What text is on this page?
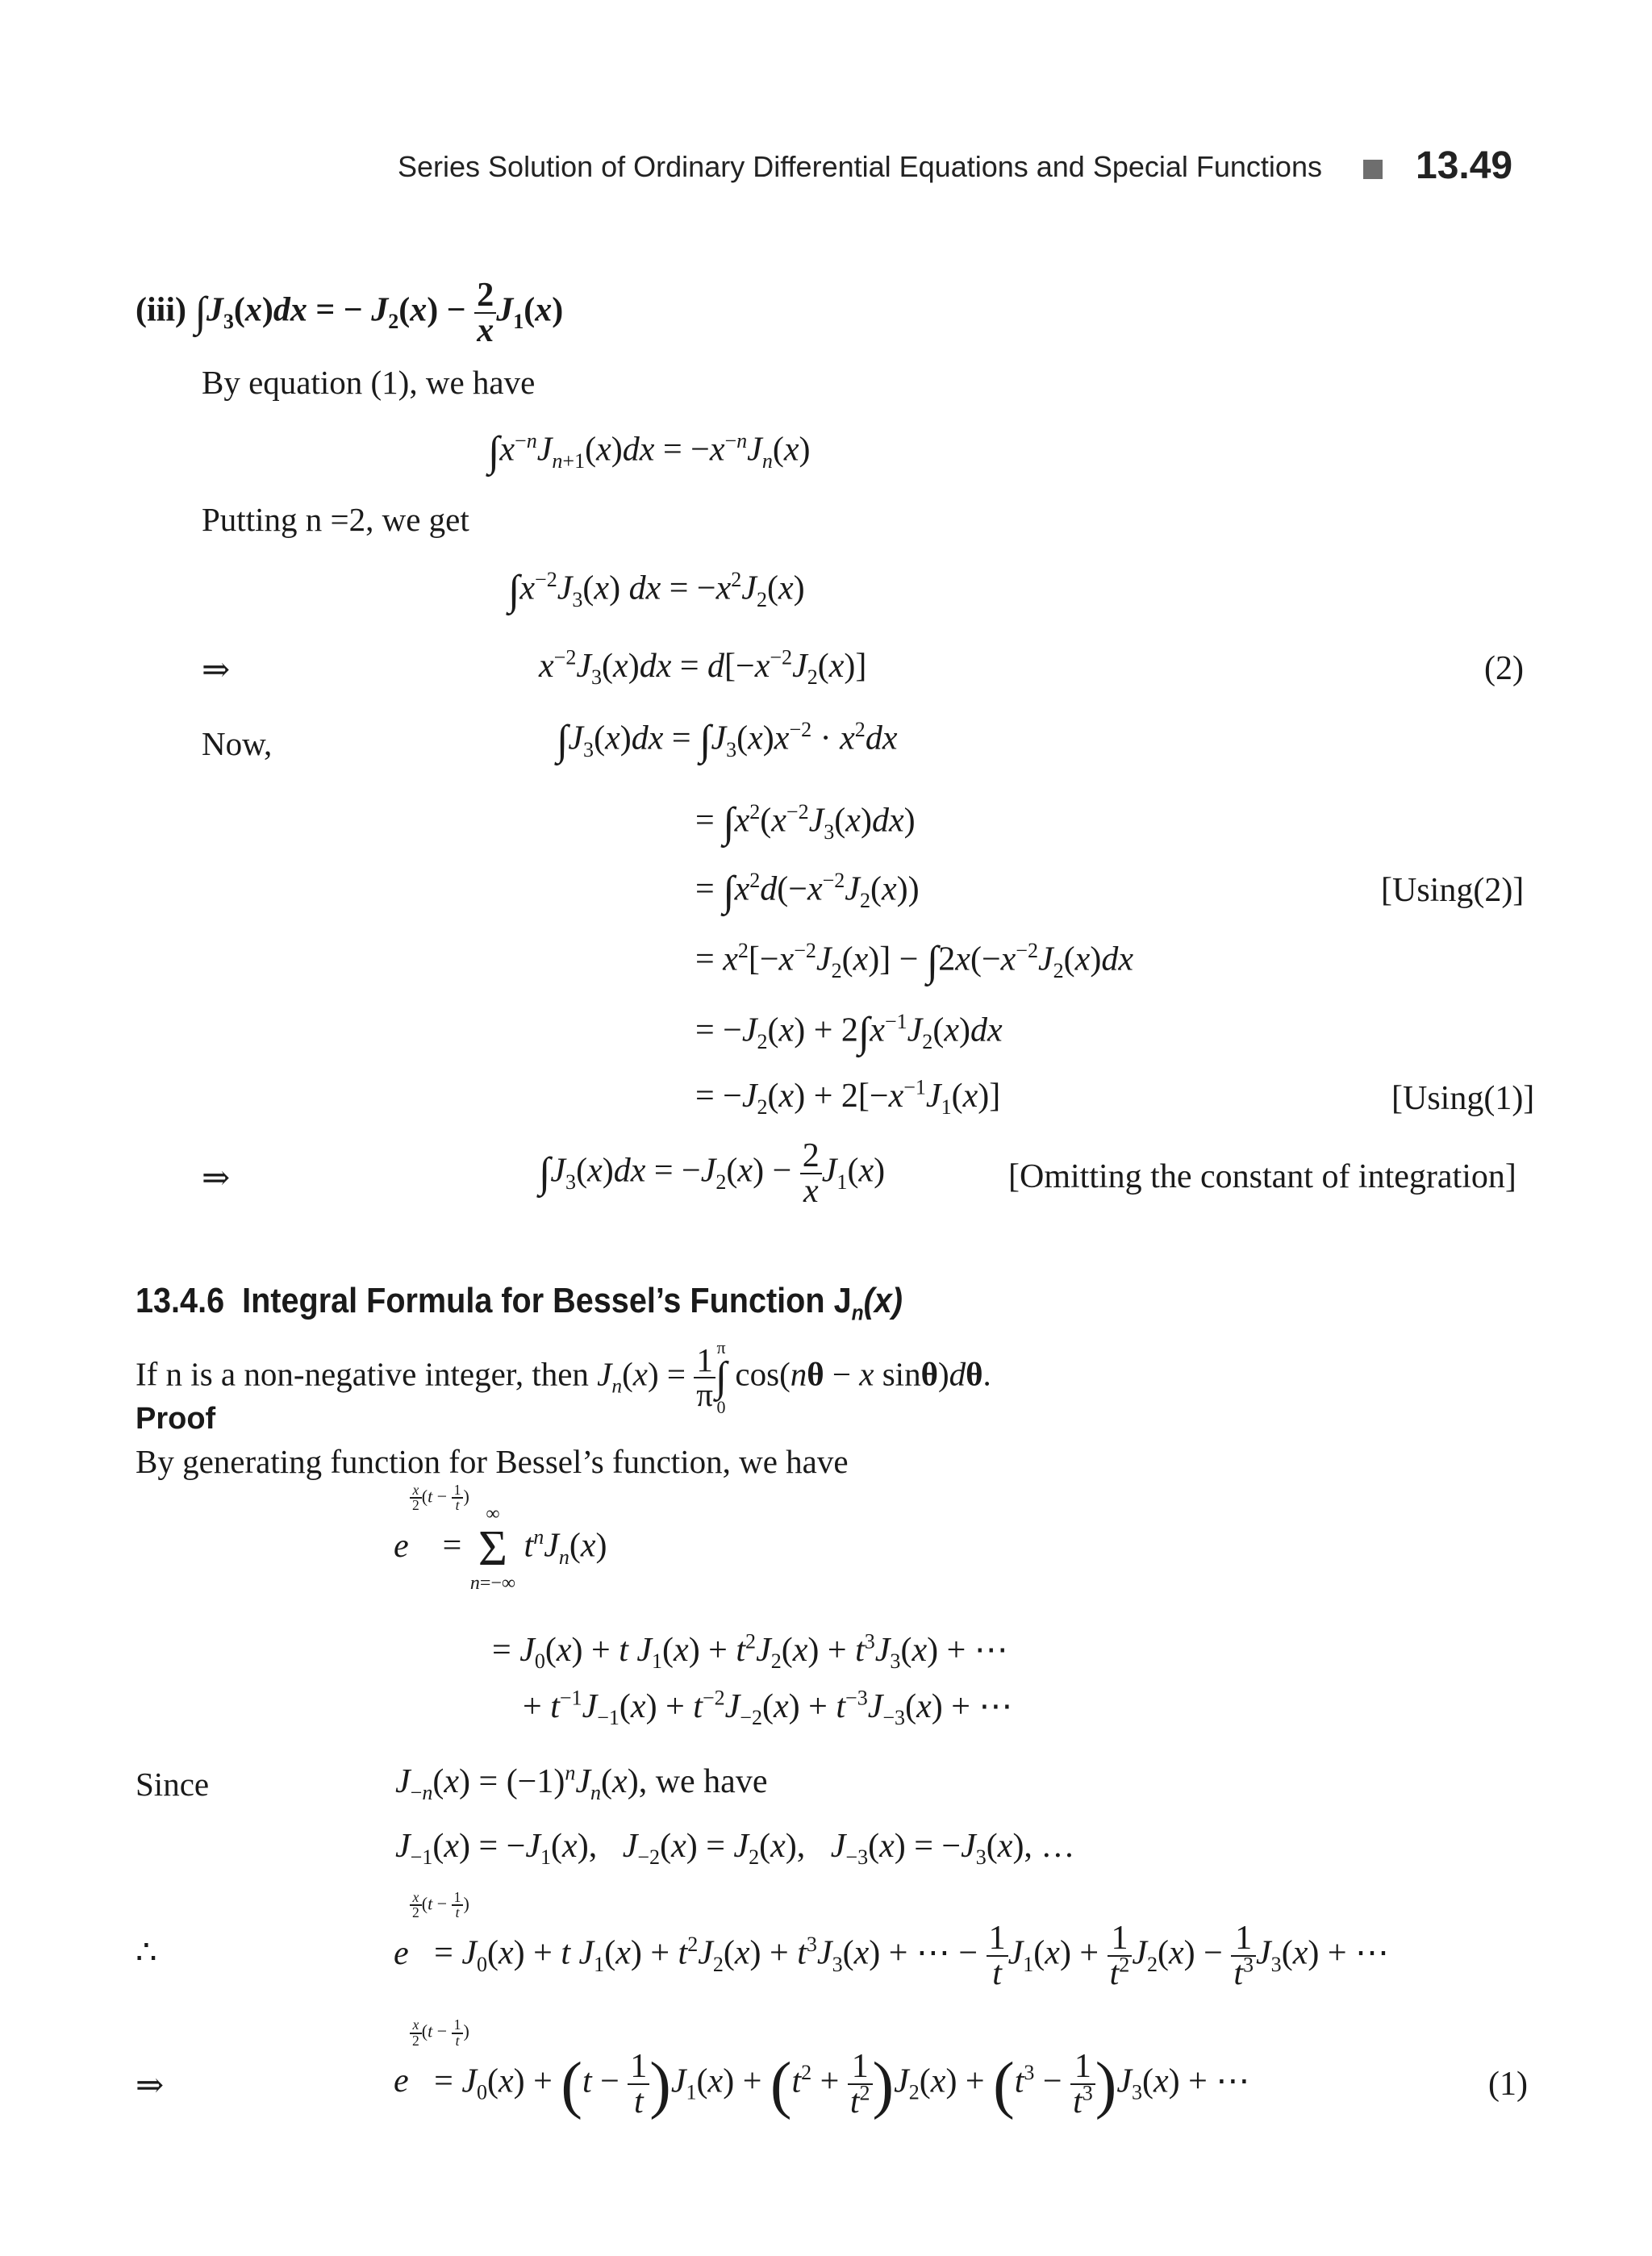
Series Solution of Ordinary Differential Equations and Special Functions 13.49
(iii) $\int J_3(x)dx$ = − $J_2(x) - \frac{2}{x} J_1(x)$
By equation (1), we have
$\int x^{-n}J_{n+1}(x)dx = -x^{-n}J_n(x)$
Putting n =2, we get
$\int x^{-2}J_3(x)$ dx = $-x^2J_2(x)$
⇒	$x^{-2}J_3(x)dx = d[-x^{-2}J_2(x)]$	(2)
Now,	$\int J_3(x)dx = \int J_3(x)x^{-2} \cdot x^2dx$
= $\int x^2(x^{-2}J_3(x)dx)$
= $\int x^2d(-x^{-2}J_2(x))$	[Using(2)]
= $x^2[-x^{-2}J_2(x)] - \int 2x(-x^{-2}J_2(x)dx$
= $-J_2(x) + 2\int x^{-1}J_2(x)dx$
= $-J_2(x) + 2[-x^{-1}J_1(x)]$	[Using(1)]
⇒	$\int J_3(x)dx = -J_2(x) - \frac{2}{x} J_1(x)$	[Omitting the constant of integration]
13.4.6 Integral Formula for Bessel’s Function $J_n(x)$
If n is a non-negative integer, then $J_n(x) = \frac{1}{\pi}$ π
∫
0
cos(nθ − x sinθ)dθ.
Proof
By generating function for Bessel’s function, we have
e
$\frac{x}{2} (t - \frac{1}{t}$ )
=
∞
Σ
n=−∞
$t^nJ_n(x)$
= $J_0(x) + t$ $J_1(x) + t^2J_2(x) + t^3J_3(x)$ + ⋯
+ $t^{-1}J_{-1}(x) + t^{-2}J_{-2}(x) + t^{-3}J_{-3}(x)$ + ⋯
Since	$J_{-n}(x) = (-1)^nJ_n(x)$, we have
$J_{-1}(x) = -J_1(x)$,   $J_{-2}(x) = J_2(x)$,   $J_{-3}(x) = -J_3(x)$, …
∴	e
$\frac{x}{2} (t - \frac{1}{t}$ )
= $J_0(x) + t$ $J_1(x) + t^2J_2(x) + t^3J_3(x)$ + ⋯ − $\frac{1}{t} J_1(x) + \frac{1}{t^2} J_2(x) - \frac{1}{t^3} J_3(x)$ + ⋯
⇒	e
$\frac{x}{2} (t - \frac{1}{t}$ )
= $J_0(x) + (t - \frac{1}{t} )J_1(x) + (t^2 + \frac{1}{t^2} )J_2(x) + (t^3 - \frac{1}{t^3} )J_3(x)$ + ⋯	(1)
